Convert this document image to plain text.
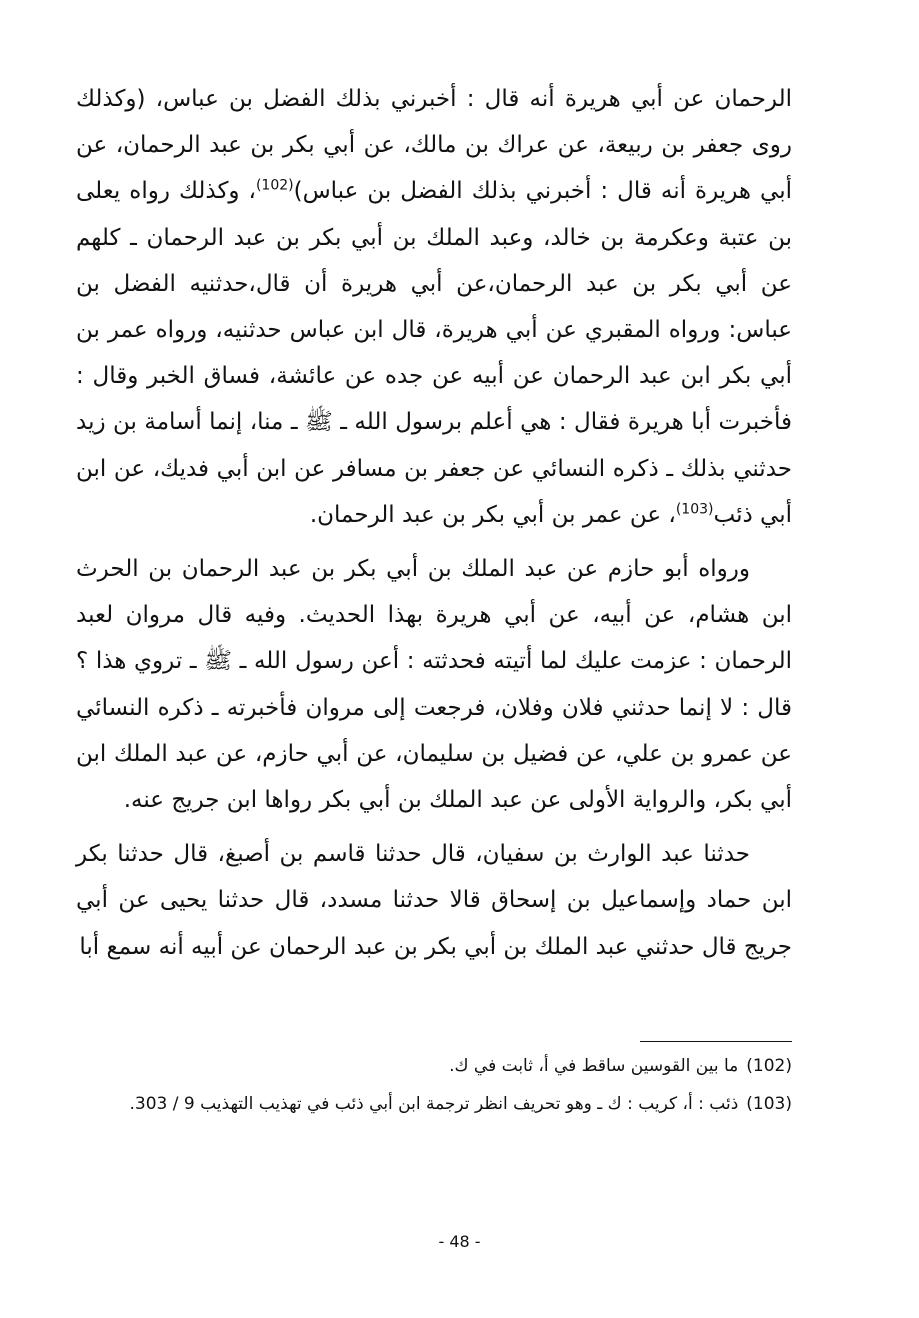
الرحمان عن أبي هريرة أنه قال : أخبرني بذلك الفضل بن عباس، (وكذلك روى جعفر بن ربيعة، عن عراك بن مالك، عن أبي بكر بن عبد الرحمان، عن أبي هريرة أنه قال : أخبرني بذلك الفضل بن عباس)$^{(102)}$، وكذلك رواه يعلى بن عتبة وعكرمة بن خالد، وعبد الملك بن أبي بكر بن عبد الرحمان ـ كلهم عن أبي بكر بن عبد الرحمان،عن أبي هريرة أن قال،حدثنيه الفضل بن عباس: ورواه المقبري عن أبي هريرة، قال ابن عباس حدثنيه، ورواه عمر بن أبي بكر ابن عبد الرحمان عن أبيه عن جده عن عائشة، فساق الخبر وقال : فأخبرت أبا هريرة فقال : هي أعلم برسول الله ـ ﷺ ـ منا، إنما أسامة بن زيد حدثني بذلك ـ ذكره النسائي عن جعفر بن مسافر عن ابن أبي فديك، عن ابن أبي ذئب$^{(103)}$، عن عمر بن أبي بكر بن عبد الرحمان.

ورواه أبو حازم عن عبد الملك بن أبي بكر بن عبد الرحمان بن الحرث ابن هشام، عن أبيه، عن أبي هريرة بهذا الحديث. وفيه قال مروان لعبد الرحمان : عزمت عليك لما أتيته فحدثته : أعن رسول الله ـ ﷺ ـ تروي هذا ؟ قال : لا إنما حدثني فلان وفلان، فرجعت إلى مروان فأخبرته ـ ذكره النسائي عن عمرو بن علي، عن فضيل بن سليمان، عن أبي حازم، عن عبد الملك ابن أبي بكر، والرواية الأولى عن عبد الملك بن أبي بكر رواها ابن جريج عنه.

حدثنا عبد الوارث بن سفيان، قال حدثنا قاسم بن أصبغ، قال حدثنا بكر ابن حماد وإسماعيل بن إسحاق قالا حدثنا مسدد، قال حدثنا يحيى عن أبي جريج قال حدثني عبد الملك بن أبي بكر بن عبد الرحمان عن أبيه أنه سمع أبا

(102)ما بين القوسين ساقط في أ، ثابت في ك.

(103)ذئب : أ، كريب : ك ـ وهو تحريف انظر ترجمة ابن أبي ذئب في تهذيب التهذيب 9 / 303.

- 48 -
